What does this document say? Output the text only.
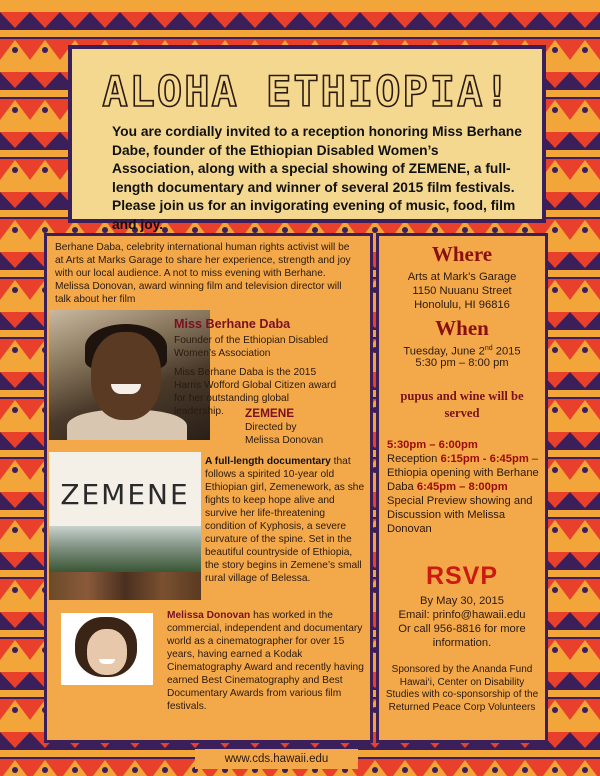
ALOHA ETHIOPIA!
You are cordially invited to a reception honoring Miss Berhane Dabe, founder of the Ethiopian Disabled Women’s Association, along with a special showing of ZEMENE, a full-length documentary and winner of several 2015 film festivals. Please join us for an invigorating evening of music, food, film and joy.
Berhane Daba, celebrity international human rights activist will be at Arts at Marks Garage to share her experience, strength and joy with our local audience. A not to miss evening with Berhane. Melissa Donovan, award winning film and television director will talk about her film
Miss Berhane Daba
Founder of the Ethiopian Disabled Women’s Association
Miss Berhane Daba is the 2015 Harris Wofford Global Citizen award for her outstanding global leadership.	ZEMENE
Directed by Melissa Donovan
ZEMENE
A full-length documentary that follows a spirited 10-year old Ethiopian girl, Zemenework, as she fights to keep hope alive and survive her life-threatening condition of Kyphosis, a severe curvature of the spine. Set in the beautiful countryside of Ethiopia, the story begins in Zemene’s small rural village of Belessa.
Melissa Donovan has worked in the commercial, independent and documentary world as a cinematographer for over 15 years, having earned a Kodak Cinematography Award and recently having earned Best Cinematography and Best Documentary Awards from various film festivals.
Where
Arts at Mark’s Garage
1150 Nuuanu Street
Honolulu, HI 96816
When
Tuesday, June 2nd 2015
5:30 pm – 8:00 pm
pupus and wine will be served
5:30pm – 6:00pm
Reception 6:15pm - 6:45pm – Ethiopia opening with Berhane Daba 6:45pm – 8:00pm Special Preview showing and Discussion with Melissa Donovan
RSVP
By May 30, 2015
Email: prinfo@hawaii.edu
Or call 956-8816 for more information.
Sponsored by the Ananda Fund Hawai‘i, Center on Disability Studies with co-sponsorship of the Returned Peace Corp Volunteers
www.cds.hawaii.edu
